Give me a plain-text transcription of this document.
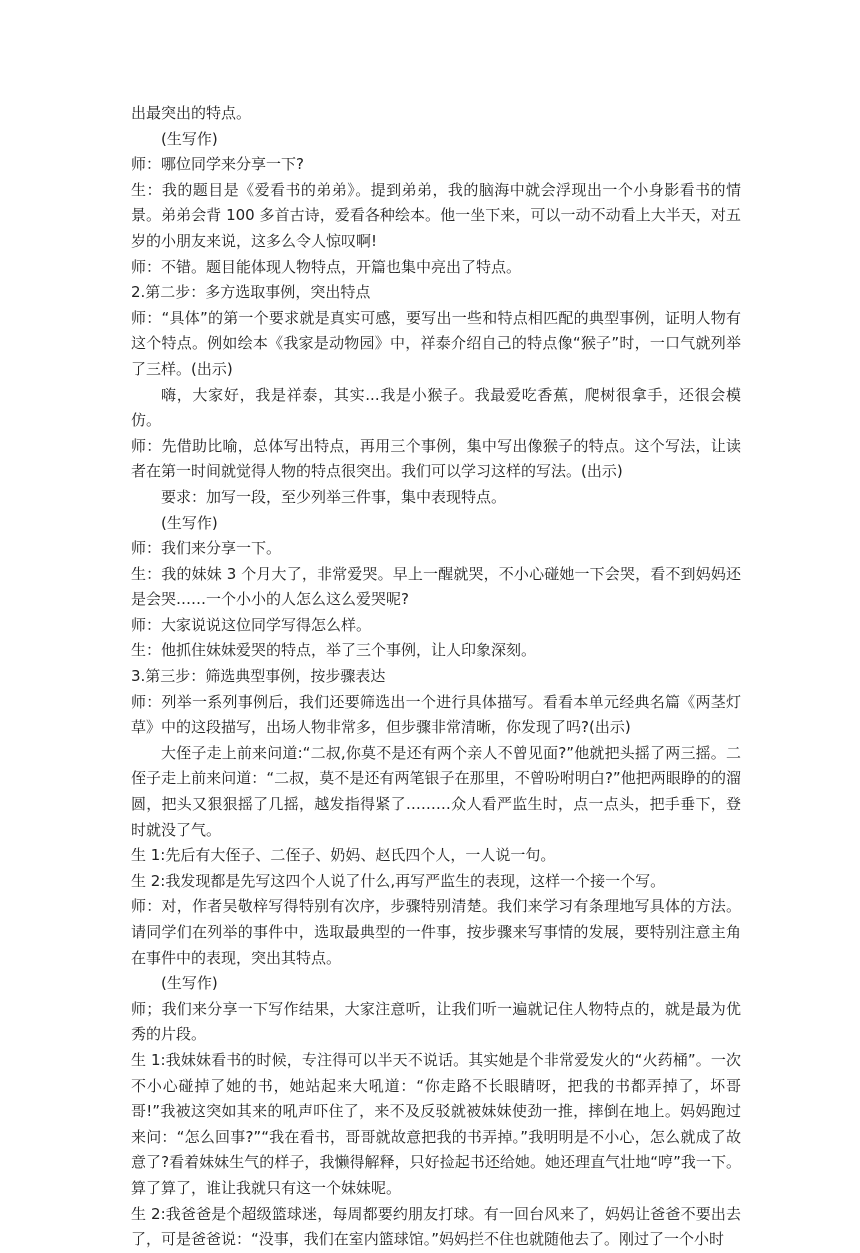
出最突出的特点。

(生写作)

师：哪位同学来分享一下?

生：我的题目是《爱看书的弟弟》。提到弟弟，我的脑海中就会浮现出一个小身影看书的情景。弟弟会背 100 多首古诗，爱看各种绘本。他一坐下来，可以一动不动看上大半天，对五岁的小朋友来说，这多么令人惊叹啊!

师：不错。题目能体现人物特点，开篇也集中亮出了特点。

2.第二步：多方选取事例，突出特点

师：“具体”的第一个要求就是真实可感，要写出一些和特点相匹配的典型事例，证明人物有这个特点。例如绘本《我家是动物园》中，祥泰介绍自己的特点像“猴子”时，一口气就列举了三样。(出示)

嗨，大家好，我是祥泰，其实...我是小猴子。我最爱吃香蕉，爬树很拿手，还很会模仿。

师：先借助比喻，总体写出特点，再用三个事例，集中写出像猴子的特点。这个写法，让读者在第一时间就觉得人物的特点很突出。我们可以学习这样的写法。(出示)

要求：加写一段，至少列举三件事，集中表现特点。

(生写作)

师：我们来分享一下。

生：我的妹妹 3 个月大了，非常爱哭。早上一醒就哭，不小心碰她一下会哭，看不到妈妈还是会哭……一个小小的人怎么这么爱哭呢?

师：大家说说这位同学写得怎么样。

生：他抓住妹妹爱哭的特点，举了三个事例，让人印象深刻。

3.第三步：筛选典型事例，按步骤表达

师：列举一系列事例后，我们还要筛选出一个进行具体描写。看看本单元经典名篇《两茎灯草》中的这段描写，出场人物非常多，但步骤非常清晰，你发现了吗?(出示)

大侄子走上前来问道:“二叔,你莫不是还有两个亲人不曾见面?”他就把头摇了两三摇。二侄子走上前来问道：“二叔，莫不是还有两笔银子在那里，不曾吩咐明白?”他把两眼睁的的溜圆，把头又狠狠摇了几摇，越发指得紧了………众人看严监生时，点一点头，把手垂下，登时就没了气。

生 1:先后有大侄子、二侄子、奶妈、赵氏四个人，一人说一句。

生 2:我发现都是先写这四个人说了什么,再写严监生的表现，这样一个接一个写。

师：对，作者吴敬梓写得特别有次序，步骤特别清楚。我们来学习有条理地写具体的方法。请同学们在列举的事件中，选取最典型的一件事，按步骤来写事情的发展，要特别注意主角在事件中的表现，突出其特点。

(生写作)

师；我们来分享一下写作结果，大家注意听，让我们听一遍就记住人物特点的，就是最为优秀的片段。

生 1:我妹妹看书的时候，专注得可以半天不说话。其实她是个非常爱发火的“火药桶”。一次不小心碰掉了她的书，她站起来大吼道：“你走路不长眼睛呀，把我的书都弄掉了，坏哥哥!”我被这突如其来的吼声吓住了，来不及反驳就被妹妹使劲一推，摔倒在地上。妈妈跑过来问：“怎么回事?”“我在看书，哥哥就故意把我的书弄掉。”我明明是不小心，怎么就成了故意了?看着妹妹生气的样子，我懒得解释，只好捡起书还给她。她还理直气壮地“哼”我一下。算了算了，谁让我就只有这一个妹妹呢。

生 2:我爸爸是个超级篮球迷，每周都要约朋友打球。有一回台风来了，妈妈让爸爸不要出去了，可是爸爸说：“没事，我们在室内篮球馆。”妈妈拦不住也就随他去了。刚过了一个小时
